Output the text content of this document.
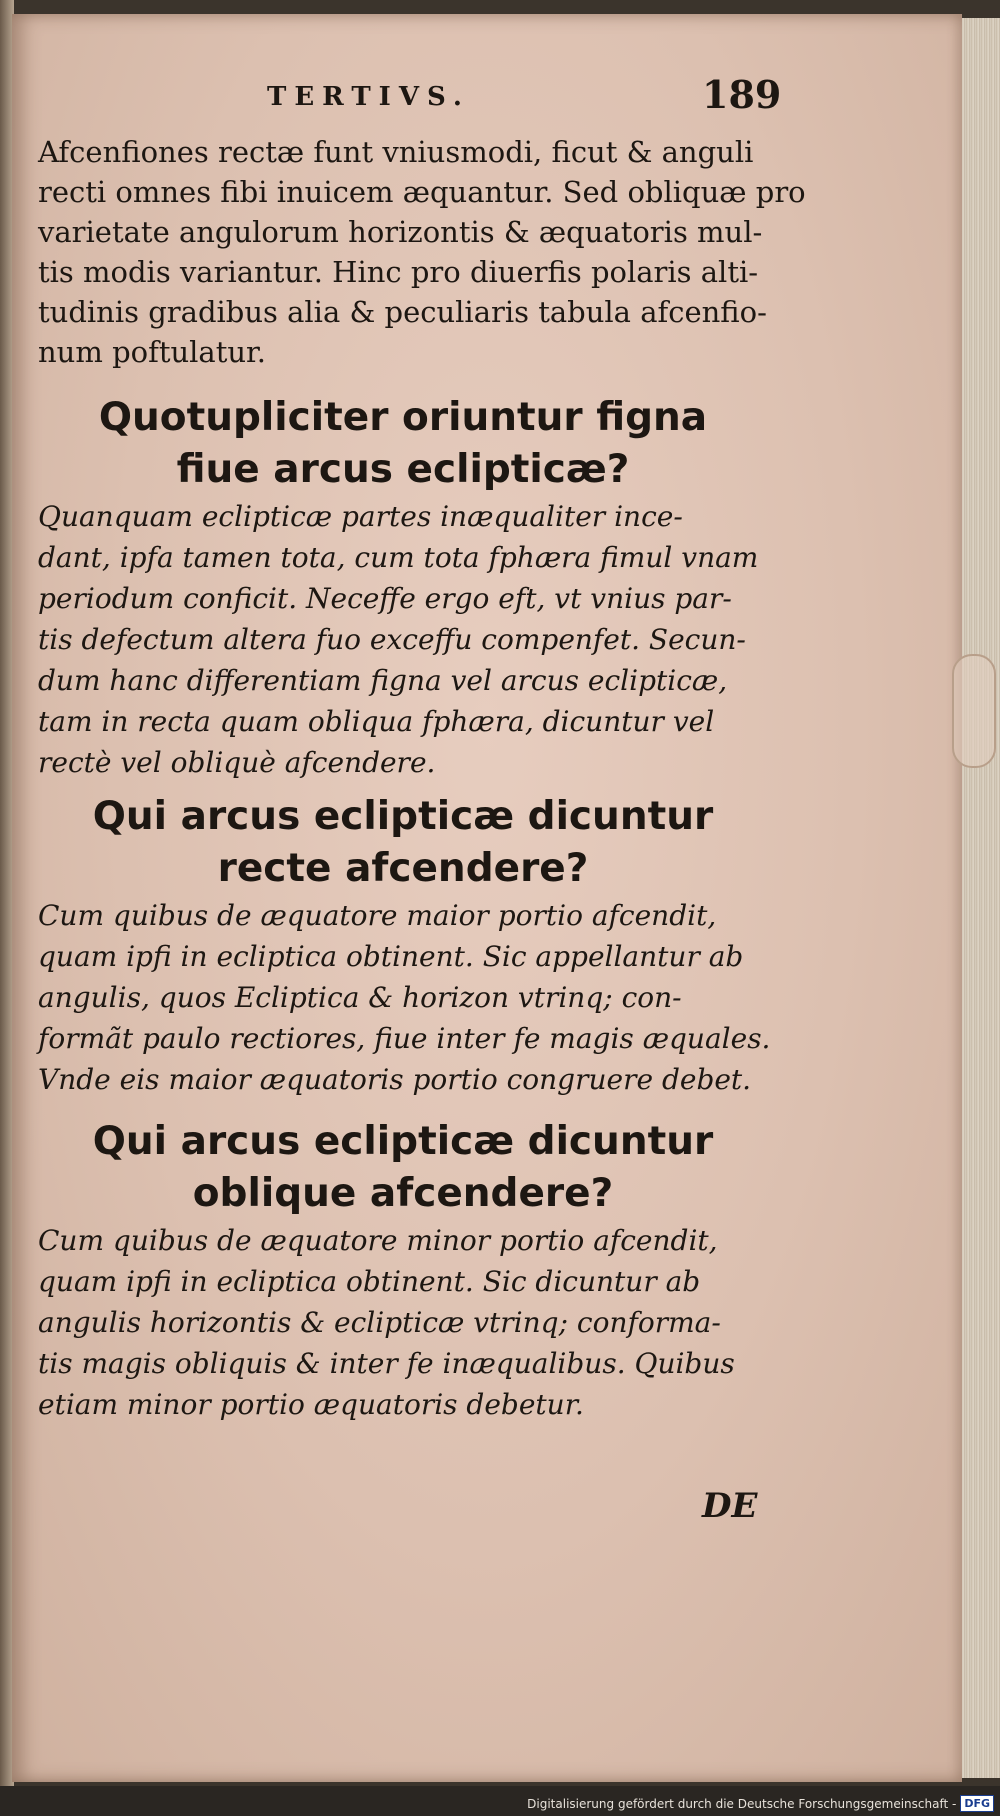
TERTIVS.	189

Afcenfiones rectæ funt vniusmodi, ficut & anguli
recti omnes fibi inuicem æquantur. Sed obliquæ pro
varietate angulorum horizontis & æquatoris mul-
tis modis variantur. Hinc pro diuerfis polaris alti-
tudinis gradibus alia & peculiaris tabula afcenfio-
num poftulatur.

Quotupliciter oriuntur figna
fiue arcus eclipticæ?

Quanquam eclipticæ partes inæqualiter ince-
dant, ipfa tamen tota, cum tota fphæra fimul vnam
periodum conficit. Neceffe ergo eft, vt vnius par-
tis defectum altera fuo exceffu compenfet. Secun-
dum hanc differentiam figna vel arcus eclipticæ,
tam in recta quam obliqua fphæra, dicuntur vel
rectè vel obliquè afcendere.

Qui arcus eclipticæ dicuntur
recte afcendere?

Cum quibus de æquatore maior portio afcendit,
quam ipfi in ecliptica obtinent. Sic appellantur ab
angulis, quos Ecliptica & horizon vtrinq; con-
formãt paulo rectiores, fiue inter fe magis æquales.
Vnde eis maior æquatoris portio congruere debet.

Qui arcus eclipticæ dicuntur
oblique afcendere?

Cum quibus de æquatore minor portio afcendit,
quam ipfi in ecliptica obtinent. Sic dicuntur ab
angulis horizontis & eclipticæ vtrinq; conforma-
tis magis obliquis & inter fe inæqualibus. Quibus
etiam minor portio æquatoris debetur.

DE
Digitalisierung gefördert durch die Deutsche Forschungsgemeinschaft - DFG
